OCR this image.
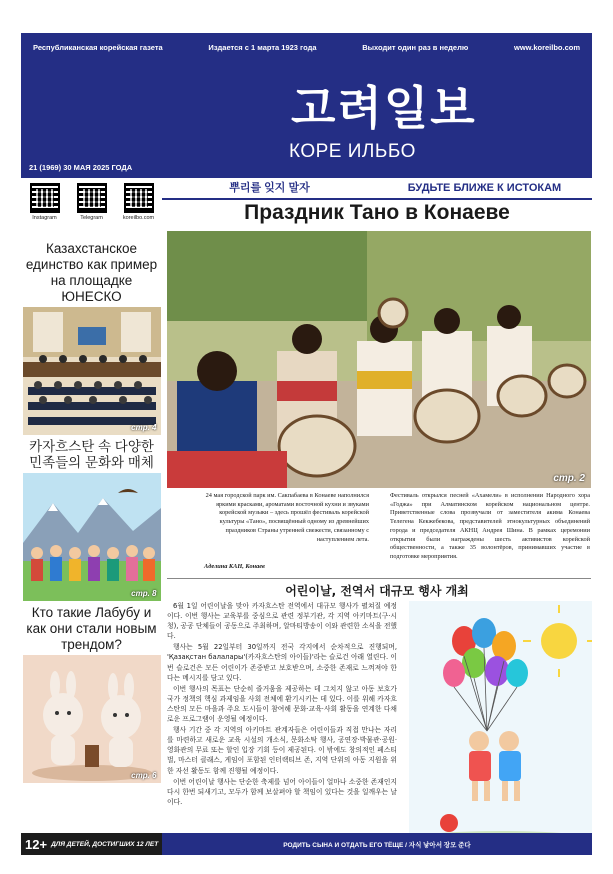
Республиканская корейская газета	Издается с 1 марта 1923 года	Выходит один раз в неделю	www.koreilbo.com
고려일보
КОРЕ ИЛЬБО
21 (1969) 30 МАЯ 2025 ГОДА
Instagram	Telegram	koreilbo.com
Казахстанское единство как пример на площадке ЮНЕСКО
стр. 4
카자흐스탄 속 다양한 민족들의 문화와 매체
стр. 8
Кто такие Лабубу и как они стали новым трендом?
стр. 6
뿌리를 잊지 말자	БУДЬТЕ БЛИЖЕ К ИСТОКАМ
Праздник Тано в Конаеве
стр. 2
24 мая городской парк им. Сакпабаева в Конаеве наполнился яркими красками, ароматами восточной кухни и звуками корейской музыки – здесь прошёл фестиваль корейской культуры «Тано», посвящённый одному из древнейших праздников Страны утренней свежести, связанному с наступлением лета.
Аделина КАН, Конаев
Фестиваль открылся песней «Ахамели» в исполнении Народного хора «Годжа» при Алматинском корейском национальном центре. Приветственные слова прозвучали от заместителя акима Конаева Телегена Кекжебекова, представителей этнокультурных объединений города и председателя АКНЦ Андрея Шина. В рамках церемонии открытия были награждены шесть активистов корейской общественности, а также 35 волонтёров, принимавших участие в подготовке мероприятия.
어린이날, 전역서 대규모 행사 개최

6월 1일 어린이날을 맞아 카자흐스탄 전역에서 대규모 행사가 펼쳐질 예정이다. 이번 행사는 교육부를 중심으로 관련 정부기관, 각 지역 아키마트(구·시청), 공공 단체들이 공동으로 주최하며, 알마티방송이 이와 관련한 소식을 전했다.

행사는 5월 22일부터 30일까지 전국 각지에서 순차적으로 진행되며, 'Қазақстан балалары'(카자흐스탄의 아이들)'라는 슬로건 아래 열린다. 이번 슬로건은 모든 어린이가 존중받고 보호받으며, 소중한 존재로 느껴져야 한다는 메시지를 담고 있다.

이번 행사의 목표는 단순히 즐거움을 제공하는 데 그치지 않고 아동 보호가 국가 정책의 핵심 과제임을 사회 전체에 환기시키는 데 있다. 이를 위해 카자흐스탄의 모든 마을과 주요 도시들이 참여해 문화·교육·사회 활동을 연계한 다채로운 프로그램이 운영될 예정이다.

행사 기간 중 각 지역의 아키마트 관계자들은 어린이들과 직접 만나는 자리를 마련하고 새로운 교육 시설의 개소식, 문화소탁 행사, 공연장·박물관·공원·영화관의 무료 또는 할인 입장 기회 등이 제공된다. 이 밖에도 창의적인 페스티벌, 마스터 클래스, 게임이 포함된 인터랙티브 존, 지역 단위의 아동 지원을 위한 자선 활동도 함께 진행될 예정이다.

이번 어린이날 행사는 단순한 축제를 넘어 아이들이 얼마나 소중한 존재인지 다시 한번 되새기고, 모두가 함께 보살펴야 할 책임이 있다는 것을 일깨우는 날이다.

12+ ДЛЯ ДЕТЕЙ, ДОСТИГШИХ 12 ЛЕТ	РОДИТЬ СЫНА И ОТДАТЬ ЕГО ТЁЩЕ / 자식 낳아서 장모 준다
